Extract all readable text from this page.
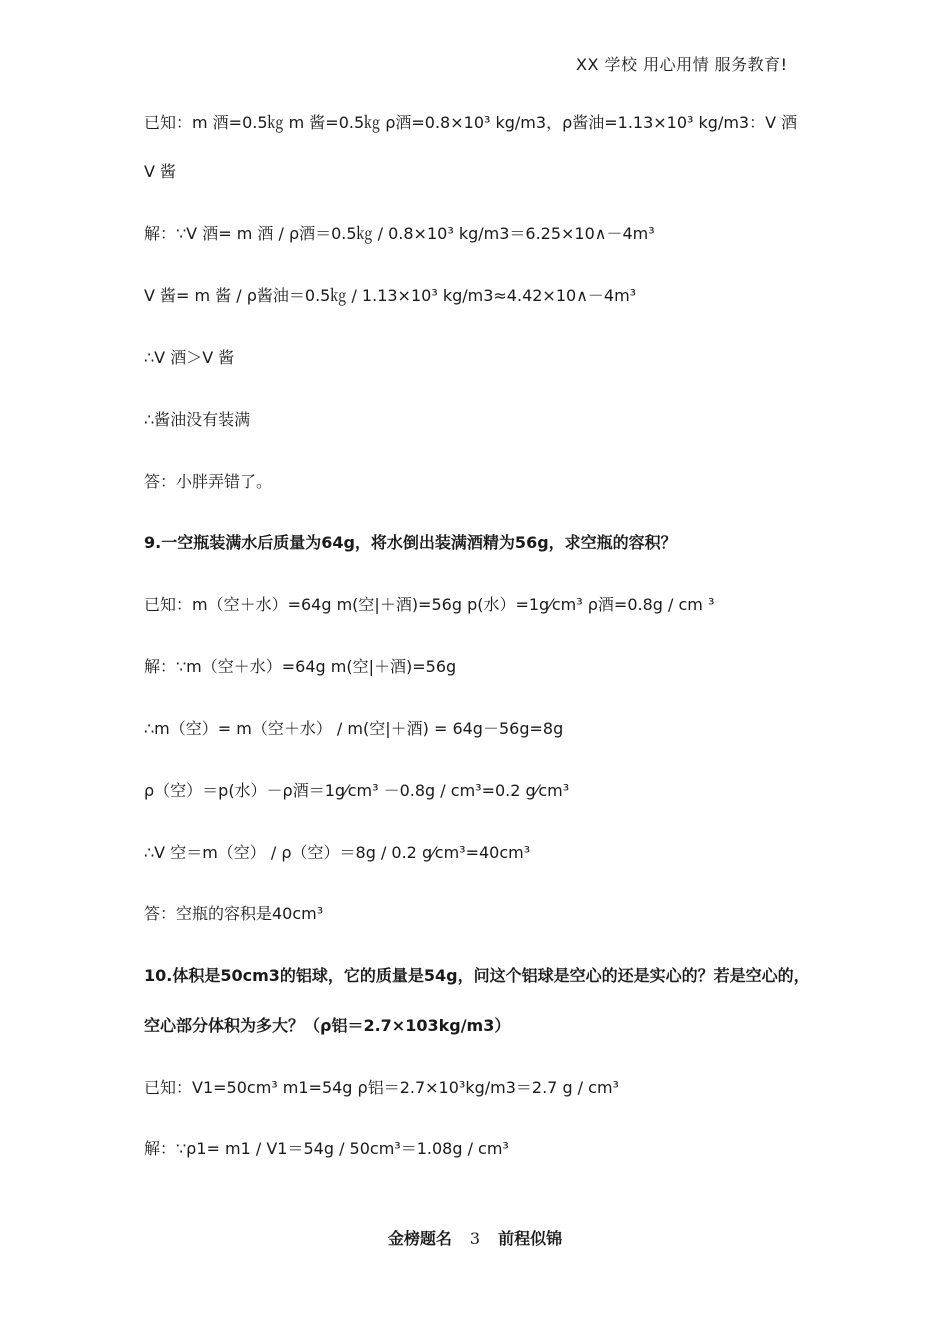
XX 学校 用心用情 服务教育!
已知：m 酒=0.5㎏ m 酱=0.5㎏ ρ酒=0.8×10³ kg/m3，ρ酱油=1.13×10³ kg/m3：V 酒
V 酱
解：∵V 酒= m 酒 / ρ酒＝0.5㎏ / 0.8×10³ kg/m3＝6.25×10∧－4m³
V 酱= m 酱 / ρ酱油＝0.5㎏ / 1.13×10³ kg/m3≈4.42×10∧－4m³
∴V 酒＞V 酱
∴酱油没有装满
答：小胖弄错了。
9.一空瓶装满水后质量为64g，将水倒出装满酒精为56g，求空瓶的容积？
已知：m（空＋水）=64g m(空|＋酒)=56g p(水）=1g⁄cm³ ρ酒=0.8g / cm ³
解：∵m（空＋水）=64g m(空|＋酒)=56g
∴m（空）= m（空＋水） / m(空|＋酒) = 64g－56g=8g
ρ（空）＝p(水）－ρ酒＝1g⁄cm³ －0.8g / cm³=0.2 g⁄cm³
∴V 空＝m（空） / ρ（空）＝8g / 0.2 g⁄cm³=40cm³
答：空瓶的容积是40cm³
10.体积是50cm3的铝球，它的质量是54g，问这个铝球是空心的还是实心的？若是空心的，
空心部分体积为多大？（ρ铝＝2.7×103kg/m3）
已知：V1=50cm³ m1=54g ρ铝＝2.7×10³kg/m3＝2.7 g / cm³
解：∵ρ1= m1 / V1＝54g / 50cm³＝1.08g / cm³
金榜题名 3 前程似锦
